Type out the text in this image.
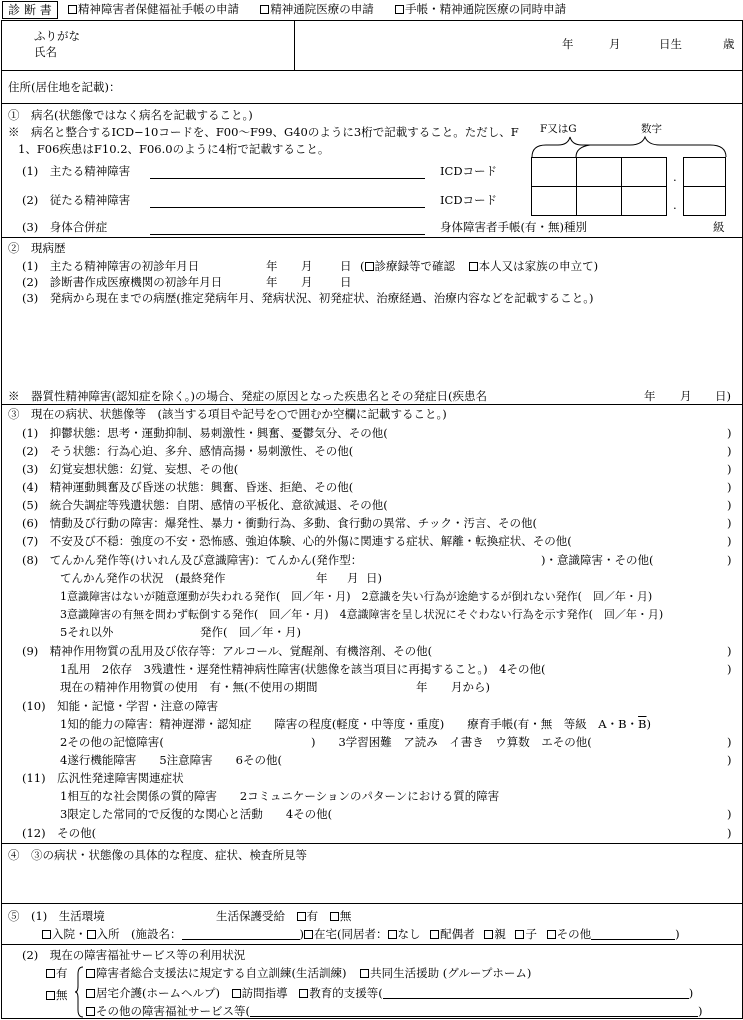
診 断 書	精神障害者保健福祉手帳の申請	精神通院医療の申請	手帳・精神通院医療の同時申請
ふりがな
氏名
年	月	日生	歳
住所(居住地を記載)：
①　病名(状態像ではなく病名を記載すること。)
※　病名と整合するICD−10コードを、F00〜F99、G40のように3桁で記載すること。ただし、F
1、F06疾患はF10.2、F06.0のように4桁で記載すること。
(1)　主たる精神障害	ICDコード
(2)　従たる精神障害	ICDコード
(3)　身体合併症	身体障害者手帳(有・無)種別	級
F又はG	数字
.
.
②　現病歴
(1)　主たる精神障害の初診年月日	年 月 日 ( 診療録等で確認 本人又は家族の申立て)
(2)　診断書作成医療機関の初診年月日	年 月 日
(3)　発病から現在までの病歴(推定発病年月、発病状況、初発症状、治療経過、治療内容などを記載すること。)
※　器質性精神障害(認知症を除く。)の場合、発症の原因となった疾患名とその発症日(疾患名	年 月 日)
③　現在の病状、状態像等　(該当する項目や記号を○で囲むか空欄に記載すること。)
(1)　抑鬱状態：思考・運動抑制、易刺激性・興奮、憂鬱気分、その他(	)
(2)　そう状態：行為心迫、多弁、感情高揚・易刺激性、その他(	)
(3)　幻覚妄想状態：幻覚、妄想、その他(	)
(4)　精神運動興奮及び昏迷の状態：興奮、昏迷、拒絶、その他(	)
(5)　統合失調症等残遺状態：自閉、感情の平板化、意欲減退、その他(	)
(6)　情動及び行動の障害：爆発性、暴力・衝動行為、多動、食行動の異常、チック・汚言、その他(	)
(7)　不安及び不穏：強度の不安・恐怖感、強迫体験、心的外傷に関連する症状、解離・転換症状、その他(	)
(8)　てんかん発作等(けいれん及び意識障害)：てんかん(発作型：	)・意識障害・その他(	)
てんかん発作の状況　(最終発作	年 月 日)
1意識障害はないが随意運動が失われる発作(　回／年・月)　2意識を失い行為が途絶するが倒れない発作(　回／年・月)
3意識障害の有無を問わず転倒する発作(　回／年・月)　4意識障害を呈し状況にそぐわない行為を示す発作(　回／年・月)
5それ以外	発作(　回／年・月)
(9)　精神作用物質の乱用及び依存等：アルコール、覚醒剤、有機溶剤、その他(	)
1乱用　2依存　3残遺性・遅発性精神病性障害(状態像を該当項目に再掲すること。)　4その他(	)
現在の精神作用物質の使用　有・無(不使用の期間	年 月から)
(10)　知能・記憶・学習・注意の障害
1知的能力の障害：精神遅滞・認知症　　障害の程度(軽度・中等度・重度)　　療育手帳(有・無　等級　A・B・$\overline{B}$)
2その他の記憶障害(	)　　3学習困難　ア読み　イ書き　ウ算数　エその他(	)
4遂行機能障害　　5注意障害　　6その他(	)
(11)　広汎性発達障害関連症状
1相互的な社会関係の質的障害　　2コミュニケーションのパターンにおける質的障害
3限定した常同的で反復的な関心と活動　　4その他(	)
(12)　その他(	)
④　③の病状・状態像の具体的な程度、症状、検査所見等
⑤　(1)　生活環境	生活保護受給 有 無
入院・ 入所　(施設名：	) 在宅(同居者： なし 配偶者 親 子 その他	)
(2)　現在の障害福祉サービス等の利用状況
有
無
障害者総合支援法に規定する自立訓練(生活訓練) 共同生活援助 (グループホーム)
居宅介護(ホームヘルプ) 訪問指導 教育的支援等(	)
その他の障害福祉サービス等(	)
